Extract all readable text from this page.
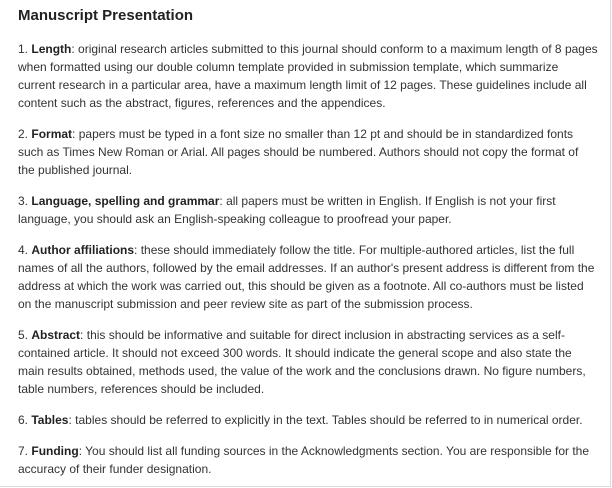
Manuscript Presentation

1. Length: original research articles submitted to this journal should conform to a maximum length of 8 pages when formatted using our double column template provided in submission template, which summarize current research in a particular area, have a maximum length limit of 12 pages. These guidelines include all content such as the abstract, figures, references and the appendices.

2. Format: papers must be typed in a font size no smaller than 12 pt and should be in standardized fonts such as Times New Roman or Arial. All pages should be numbered. Authors should not copy the format of the published journal.

3. Language, spelling and grammar: all papers must be written in English. If English is not your first language, you should ask an English-speaking colleague to proofread your paper.

4. Author affiliations: these should immediately follow the title. For multiple-authored articles, list the full names of all the authors, followed by the email addresses. If an author's present address is different from the address at which the work was carried out, this should be given as a footnote. All co-authors must be listed on the manuscript submission and peer review site as part of the submission process.

5. Abstract: this should be informative and suitable for direct inclusion in abstracting services as a self-contained article. It should not exceed 300 words. It should indicate the general scope and also state the main results obtained, methods used, the value of the work and the conclusions drawn. No figure numbers, table numbers, references should be included.

6. Tables: tables should be referred to explicitly in the text. Tables should be referred to in numerical order.

7. Funding: You should list all funding sources in the Acknowledgments section. You are responsible for the accuracy of their funder designation.
